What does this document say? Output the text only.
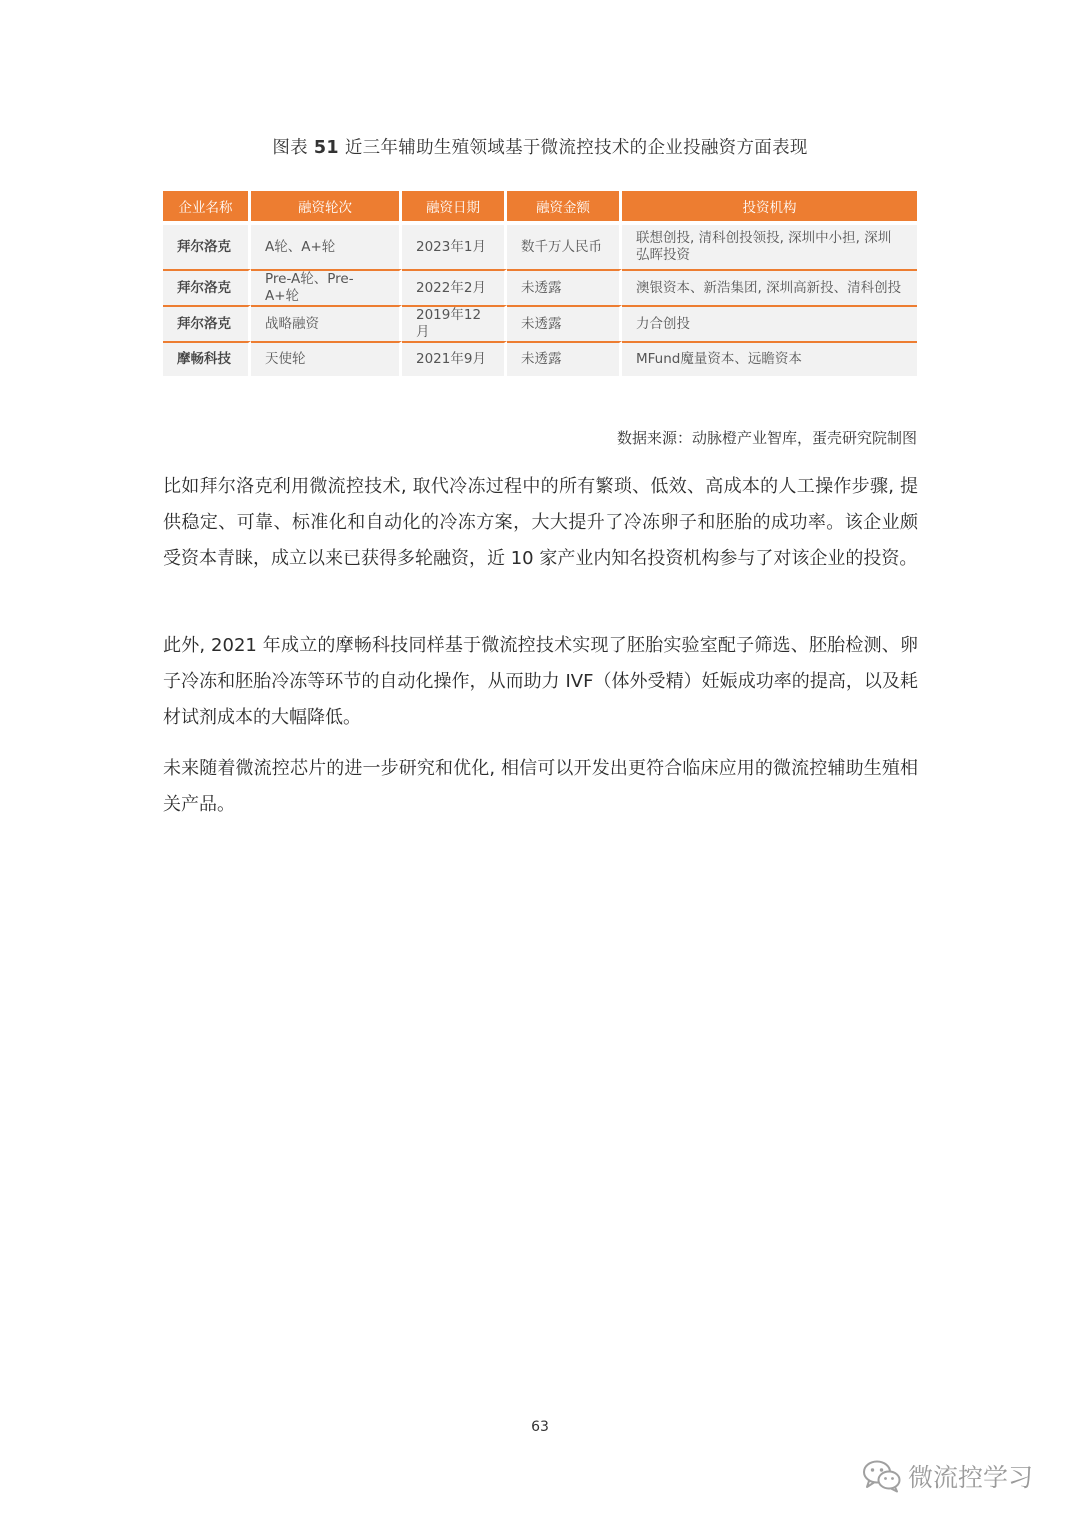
图表 51 近三年辅助生殖领域基于微流控技术的企业投融资方面表现
企业名称	融资轮次	融资日期	融资金额	投资机构
拜尔洛克	A轮、A+轮	2023年1月	数千万人民币	联想创投, 清科创投领投, 深圳中小担, 深圳弘晖投资
拜尔洛克	Pre-A轮、Pre-A+轮	2022年2月	未透露	澳银资本、新浩集团, 深圳高新投、清科创投
拜尔洛克	战略融资	2019年12月	未透露	力合创投
摩畅科技	天使轮	2021年9月	未透露	MFund魔量资本、远瞻资本
数据来源：动脉橙产业智库，蛋壳研究院制图

比如拜尔洛克利用微流控技术, 取代冷冻过程中的所有繁琐、低效、高成本的人工操作步骤, 提供稳定、可靠、标准化和自动化的冷冻方案，大大提升了冷冻卵子和胚胎的成功率。该企业颇受资本青睐，成立以来已获得多轮融资，近 10 家产业内知名投资机构参与了对该企业的投资。

此外, 2021 年成立的摩畅科技同样基于微流控技术实现了胚胎实验室配子筛选、胚胎检测、卵子冷冻和胚胎冷冻等环节的自动化操作，从而助力 IVF（体外受精）妊娠成功率的提高，以及耗材试剂成本的大幅降低。

未来随着微流控芯片的进一步研究和优化, 相信可以开发出更符合临床应用的微流控辅助生殖相关产品。

63
微流控学习
